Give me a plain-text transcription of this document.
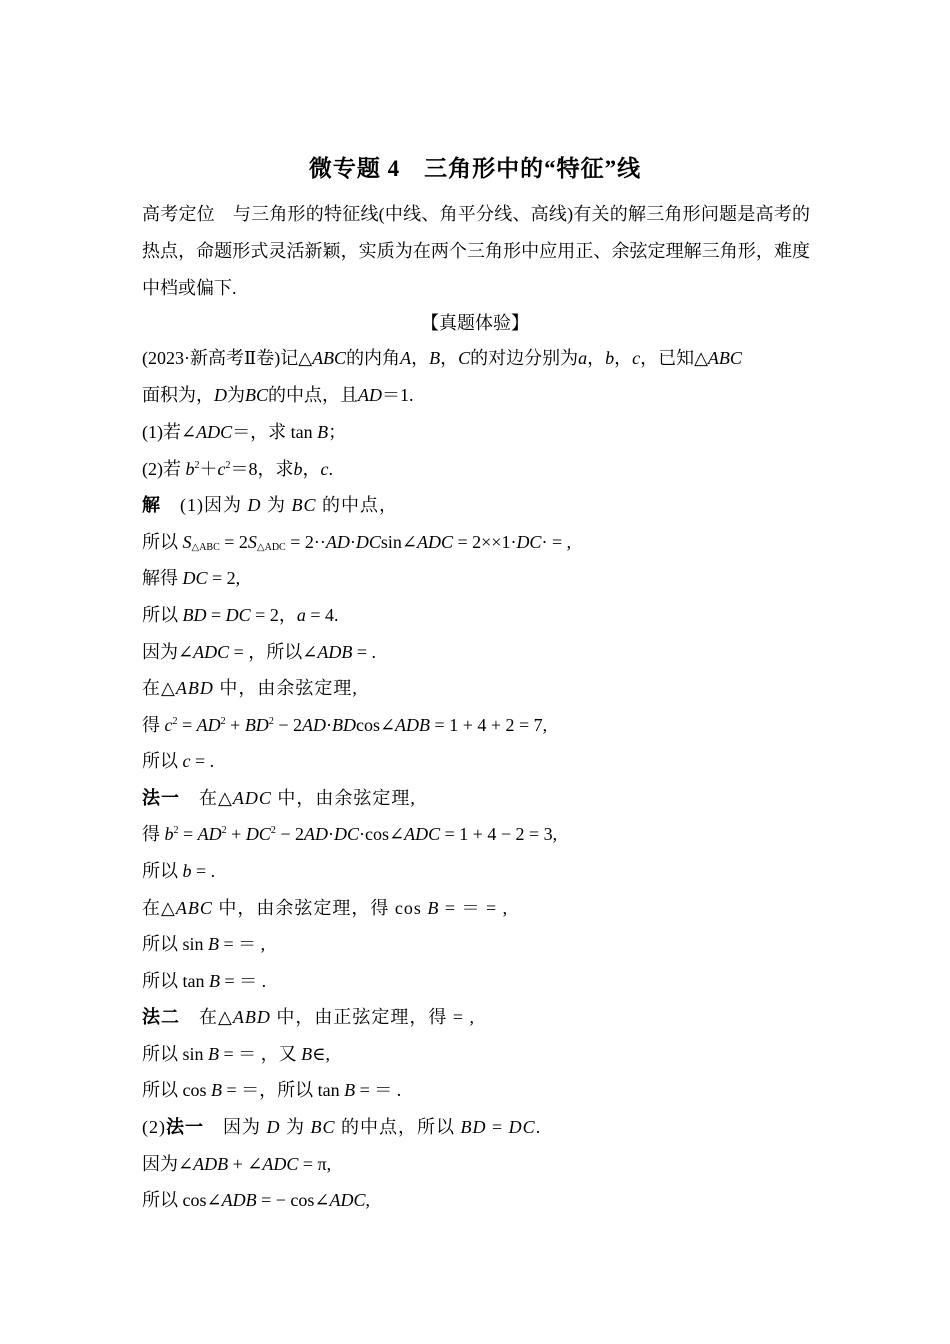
微专题 4　三角形中的“特征”线
高考定位 与三角形的特征线(中线、角平分线、高线)有关的解三角形问题是高考的热点，命题形式灵活新颖，实质为在两个三角形中应用正、余弦定理解三角形，难度中档或偏下.
【真题体验】
(2023·新高考Ⅱ卷)记△ABC的内角A，B，C的对边分别为a，b，c，已知△ABC
面积为，D为BC的中点，且AD＝1.
(1)若∠ADC＝，求 tan B；
(2)若 $b^2+c^2=8$，求b，c.
解　(1)因为 D 为 BC 的中点，
所以 $S_{\triangle ABC} = 2S_{\triangle ADC}$ = 2··AD·DCsin∠ADC = 2××1·DC· = ,
解得 DC = 2,
所以 BD = DC = 2，a = 4.
因为∠ADC = ，所以∠ADB = .
在△ABD 中，由余弦定理,
得 $c^2 = AD^2 + BD^2$ − 2AD·BDcos∠ADB = 1 + 4 + 2 = 7,
所以 c = .
法一　在△ADC 中，由余弦定理,
得 $b^2 = AD^2 + DC^2$ − 2AD·DC·cos∠ADC = 1 + 4 − 2 = 3,
所以 b = .
在△ABC 中，由余弦定理，得 cos B = ＝ = ,
所以 sin B = ＝ ,
所以 tan B = ＝ .
法二　在△ABD 中，由正弦定理，得 = ,
所以 sin B = ＝ ，又 B∈,
所以 cos B = ＝，所以 tan B = ＝ .
(2)法一　因为 D 为 BC 的中点，所以 BD = DC.
因为∠ADB + ∠ADC = π,
所以 cos∠ADB = − cos∠ADC,
